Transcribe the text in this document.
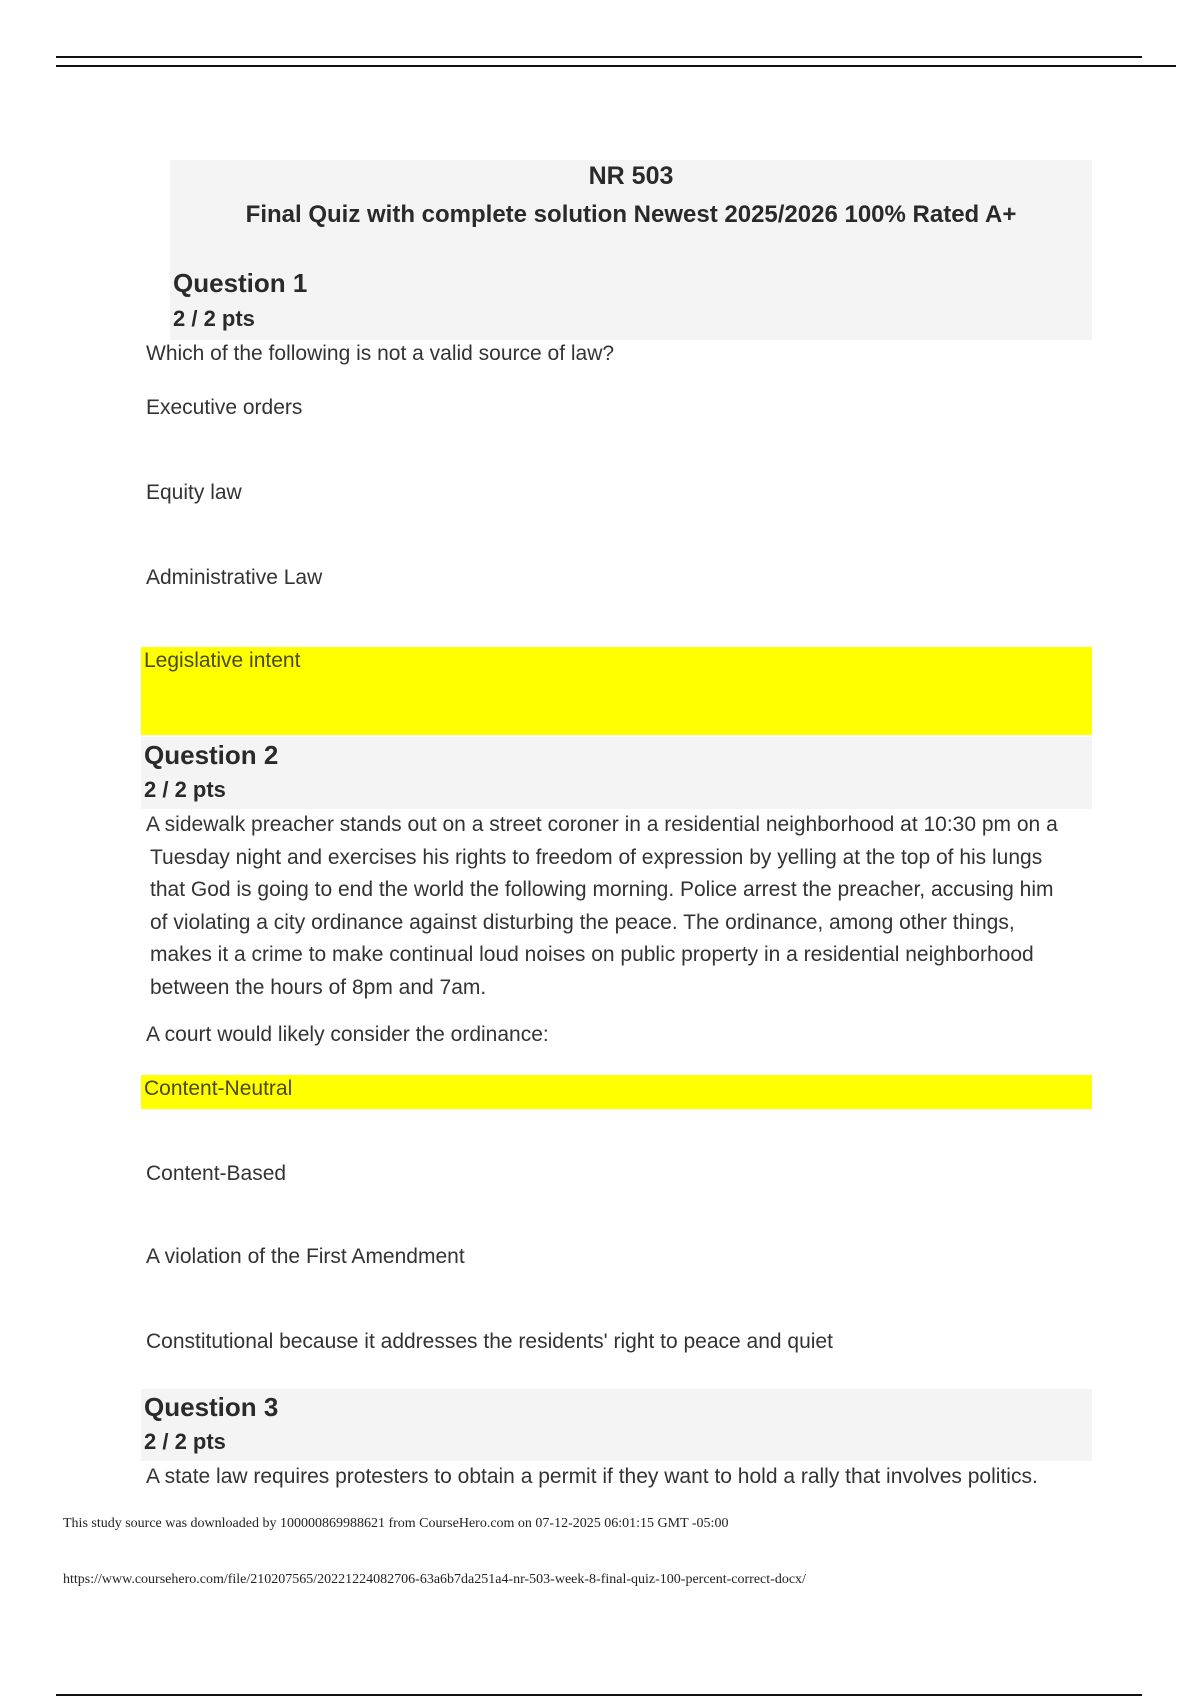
NR 503
Final Quiz with complete solution Newest 2025/2026 100% Rated A+
Question 1
2 / 2 pts
Which of the following is not a valid source of law?
Executive orders
Equity law
Administrative Law
Legislative intent
Question 2
2 / 2 pts
A sidewalk preacher stands out on a street coroner in a residential neighborhood at 10:30 pm on a
Tuesday night and exercises his rights to freedom of expression by yelling at the top of his lungs
that God is going to end the world the following morning. Police arrest the preacher, accusing him
of violating a city ordinance against disturbing the peace. The ordinance, among other things,
makes it a crime to make continual loud noises on public property in a residential neighborhood
between the hours of 8pm and 7am.
A court would likely consider the ordinance:
Content-Neutral
Content-Based
A violation of the First Amendment
Constitutional because it addresses the residents' right to peace and quiet
Question 3
2 / 2 pts
A state law requires protesters to obtain a permit if they want to hold a rally that involves politics.
This study source was downloaded by 100000869988621 from CourseHero.com on 07-12-2025 06:01:15 GMT -05:00
https://www.coursehero.com/file/210207565/20221224082706-63a6b7da251a4-nr-503-week-8-final-quiz-100-percent-correct-docx/
